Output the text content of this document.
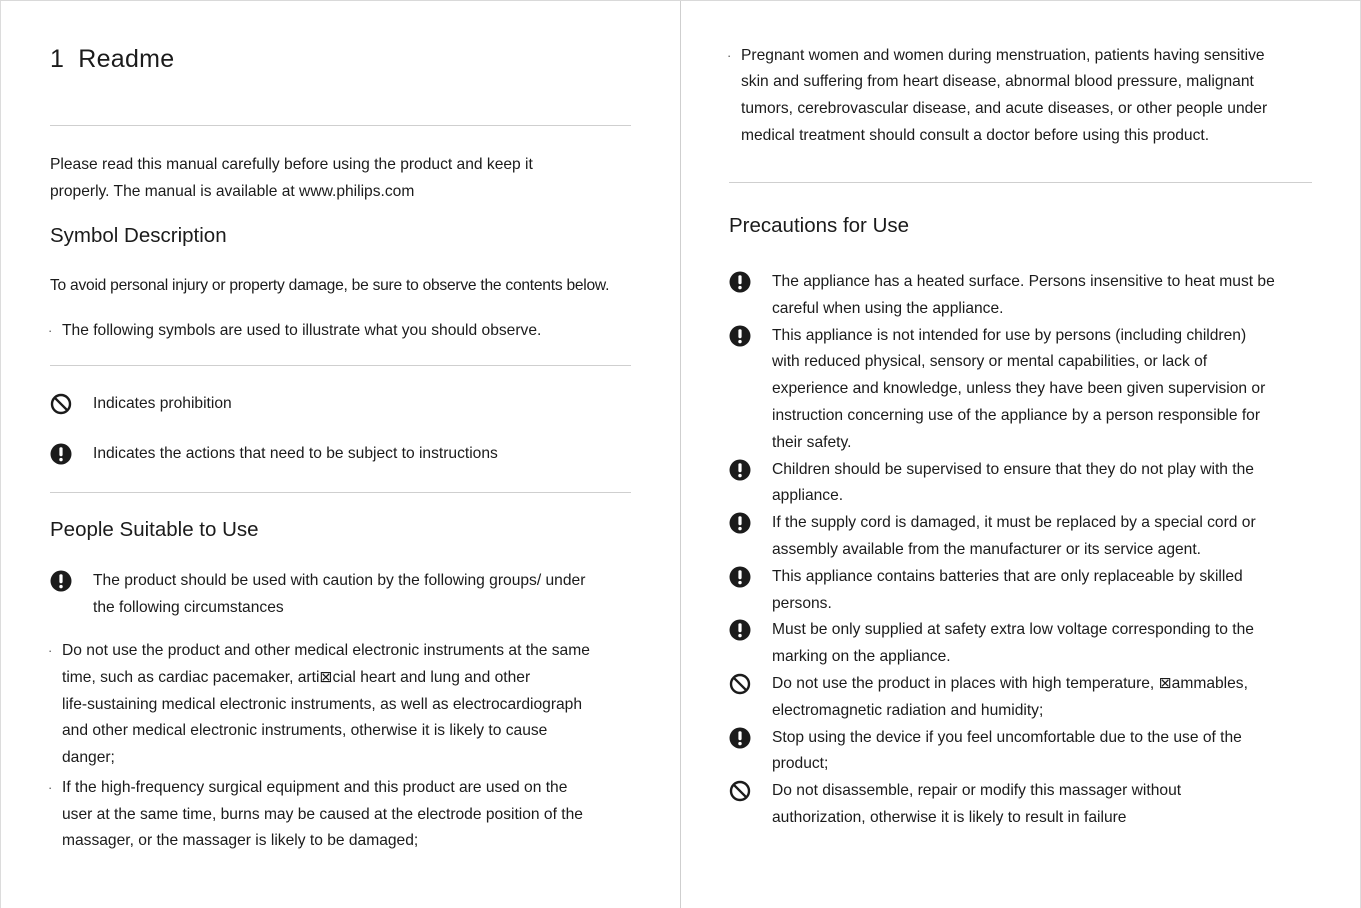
1 Readme

Please read this manual carefully before using the product and keep it

properly. The manual is available at www.philips.com

Symbol Description

To avoid personal injury or property damage, be sure to observe the contents below.

· The following symbols are used to illustrate what you should observe.

Indicates prohibition

Indicates the actions that need to be subject to instructions

People Suitable to Use

The product should be used with caution by the following groups/ under

the following circumstances

· Do not use the product and other medical electronic instruments at the same

time, such as cardiac pacemaker, arti⊠cial heart and lung and other

life-sustaining medical electronic instruments, as well as electrocardiograph

and other medical electronic instruments, otherwise it is likely to cause

danger;

· If the high-frequency surgical equipment and this product are used on the

user at the same time, burns may be caused at the electrode position of the

massager, or the massager is likely to be damaged;

· Pregnant women and women during menstruation, patients having sensitive

skin and suffering from heart disease, abnormal blood pressure, malignant

tumors, cerebrovascular disease, and acute diseases, or other people under

medical treatment should consult a doctor before using this product.

Precautions for Use

The appliance has a heated surface. Persons insensitive to heat must be

careful when using the appliance.

This appliance is not intended for use by persons (including children)

with reduced physical, sensory or mental capabilities, or lack of

experience and knowledge, unless they have been given supervision or

instruction concerning use of the appliance by a person responsible for

their safety.

Children should be supervised to ensure that they do not play with the

appliance.

If the supply cord is damaged, it must be replaced by a special cord or

assembly available from the manufacturer or its service agent.

This appliance contains batteries that are only replaceable by skilled

persons.

Must be only supplied at safety extra low voltage corresponding to the

marking on the appliance.

Do not use the product in places with high temperature, ⊠ammables,

electromagnetic radiation and humidity;

Stop using the device if you feel uncomfortable due to the use of the

product;

Do not disassemble, repair or modify this massager without

authorization, otherwise it is likely to result in failure
